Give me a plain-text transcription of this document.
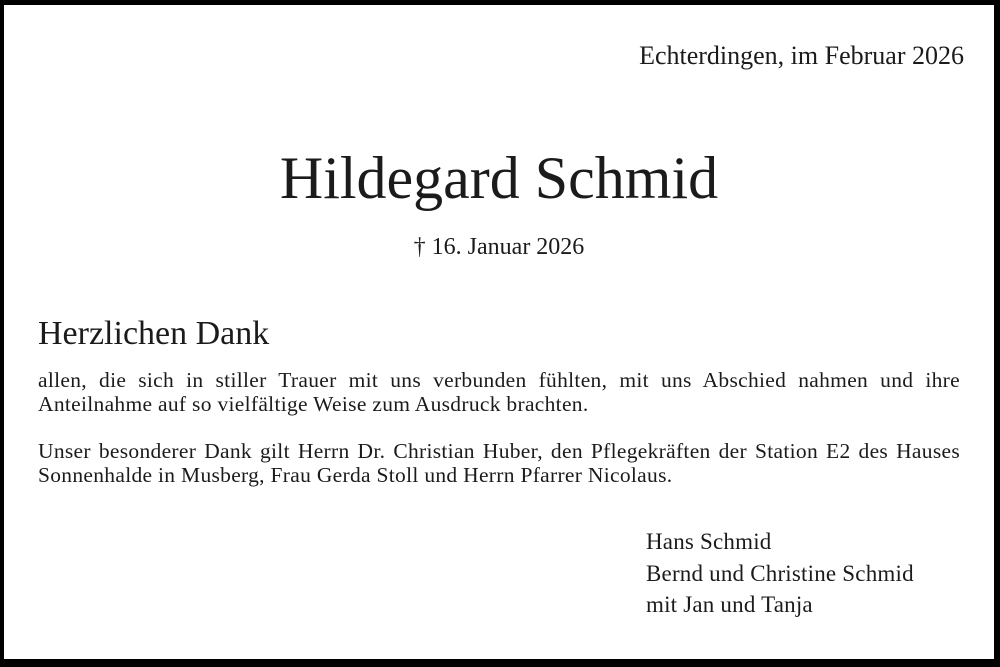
Echterdingen, im Februar 2026
Hildegard Schmid
† 16. Januar 2026
Herzlichen Dank
allen, die sich in stiller Trauer mit uns verbunden fühlten, mit uns Abschied nahmen und ihre Anteilnahme auf so vielfältige Weise zum Ausdruck brachten.
Unser besonderer Dank gilt Herrn Dr. Christian Huber, den Pflegekräften der Station E2 des Hauses Sonnenhalde in Musberg, Frau Gerda Stoll und Herrn Pfarrer Nicolaus.
Hans Schmid
Bernd und Christine Schmid
mit Jan und Tanja
